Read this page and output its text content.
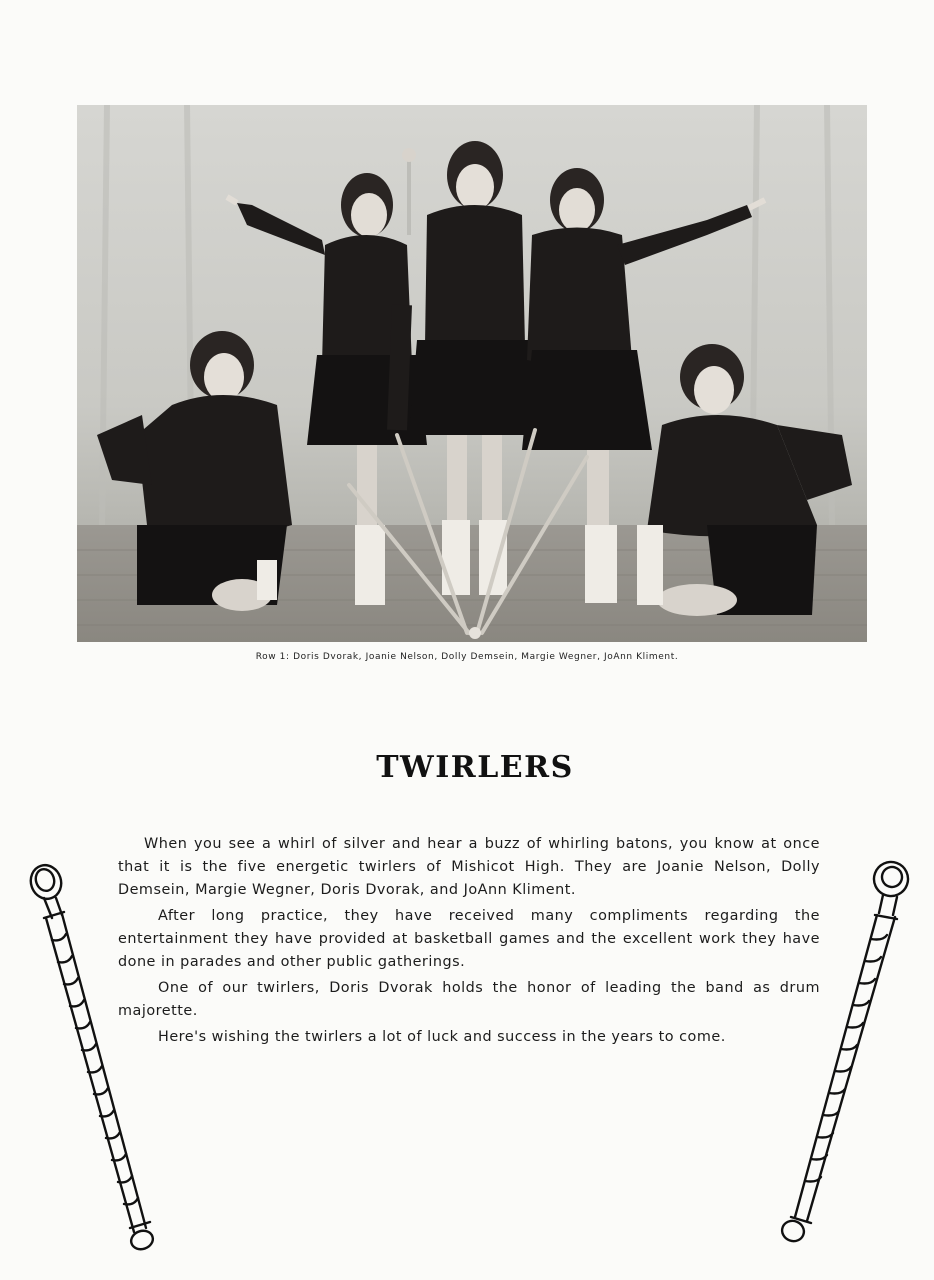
Row 1: Doris Dvorak, Joanie Nelson, Dolly Demsein, Margie Wegner, JoAnn Kliment.
TWIRLERS

When you see a whirl of silver and hear a buzz of whirling batons, you know at once that it is the five energetic twirlers of Mishicot High. They are Joanie Nelson, Dolly Demsein, Margie Wegner, Doris Dvorak, and JoAnn Kliment.

After long practice, they have received many compliments regarding the entertainment they have provided at basketball games and the excellent work they have done in parades and other public gatherings.

One of our twirlers, Doris Dvorak holds the honor of leading the band as drum majorette.

Here's wishing the twirlers a lot of luck and success in the years to come.
